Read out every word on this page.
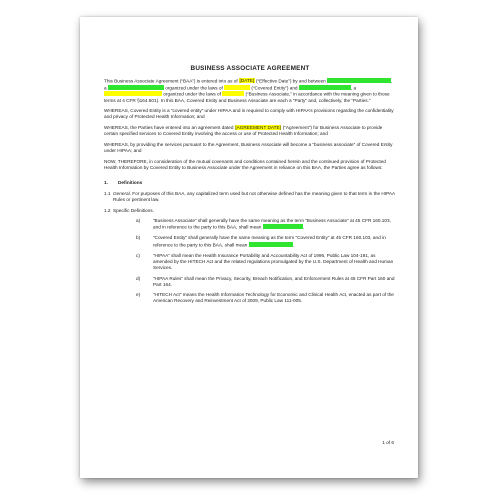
BUSINESS ASSOCIATE AGREEMENT

This Business Associate Agreement (“BAA”) is entered into as of [DATE] (“Effective Date”) by and between	, a	organized under the laws of	(“Covered Entity”) and	, a  organized under the laws of	(“Business Associate,” in accordance with the meaning given to those terms at 4 CFR §164.501). In this BAA, Covered Entity and Business Associate are each a “Party” and, collectively, the “Parties.”

WHEREAS, Covered Entity is a “covered entity” under HIPAA and is required to comply with HIPAA’s provisions regarding the confidentiality and privacy of Protected Health Information; and

WHEREAS, the Parties have entered into an agreement dated [AGREEMENT DATE] (“Agreement”) for Business Associate to provide certain specified services to Covered Entity involving the access or use of Protected Health Information; and

WHEREAS, by providing the services pursuant to the Agreement, Business Associate will become a “business associate” of Covered Entity under HIPAA; and

NOW, THEREFORE, in consideration of the mutual covenants and conditions contained herein and the continued provision of Protected Health Information by Covered Entity to Business Associate under the Agreement in reliance on this BAA, the Parties agree as follows:

1.	Definitions
1.1 General. For purposes of this BAA, any capitalized term used but not otherwise defined has the meaning given to that term in the HIPAA Rules or pertinent law.
1.2 Specific Definitions.
a)	“Business Associate” shall generally have the same meaning as the term “Business Associate” at 45 CFR 160.103, and in reference to the party to this BAA, shall mean	.
b)	“Covered Entity” shall generally have the same meaning as the term “Covered Entity” at 45 CFR 160.103, and in reference to the party to this BAA, shall mean	.
c)	“HIPAA” shall mean the Health Insurance Portability and Accountability Act of 1996, Public Law 104-191, as amended by the HITECH Act and the related regulations promulgated by the U.S. Department of Health and Human Services.
d)	“HIPAA Rules” shall mean the Privacy, Security, Breach Notification, and Enforcement Rules at 45 CFR Part 160 and Part 164.
e)	“HITECH Act” means the Health Information Technology for Economic and Clinical Health Act, enacted as part of the American Recovery and Reinvestment Act of 2009, Public Law 111-005.
1 of 6
